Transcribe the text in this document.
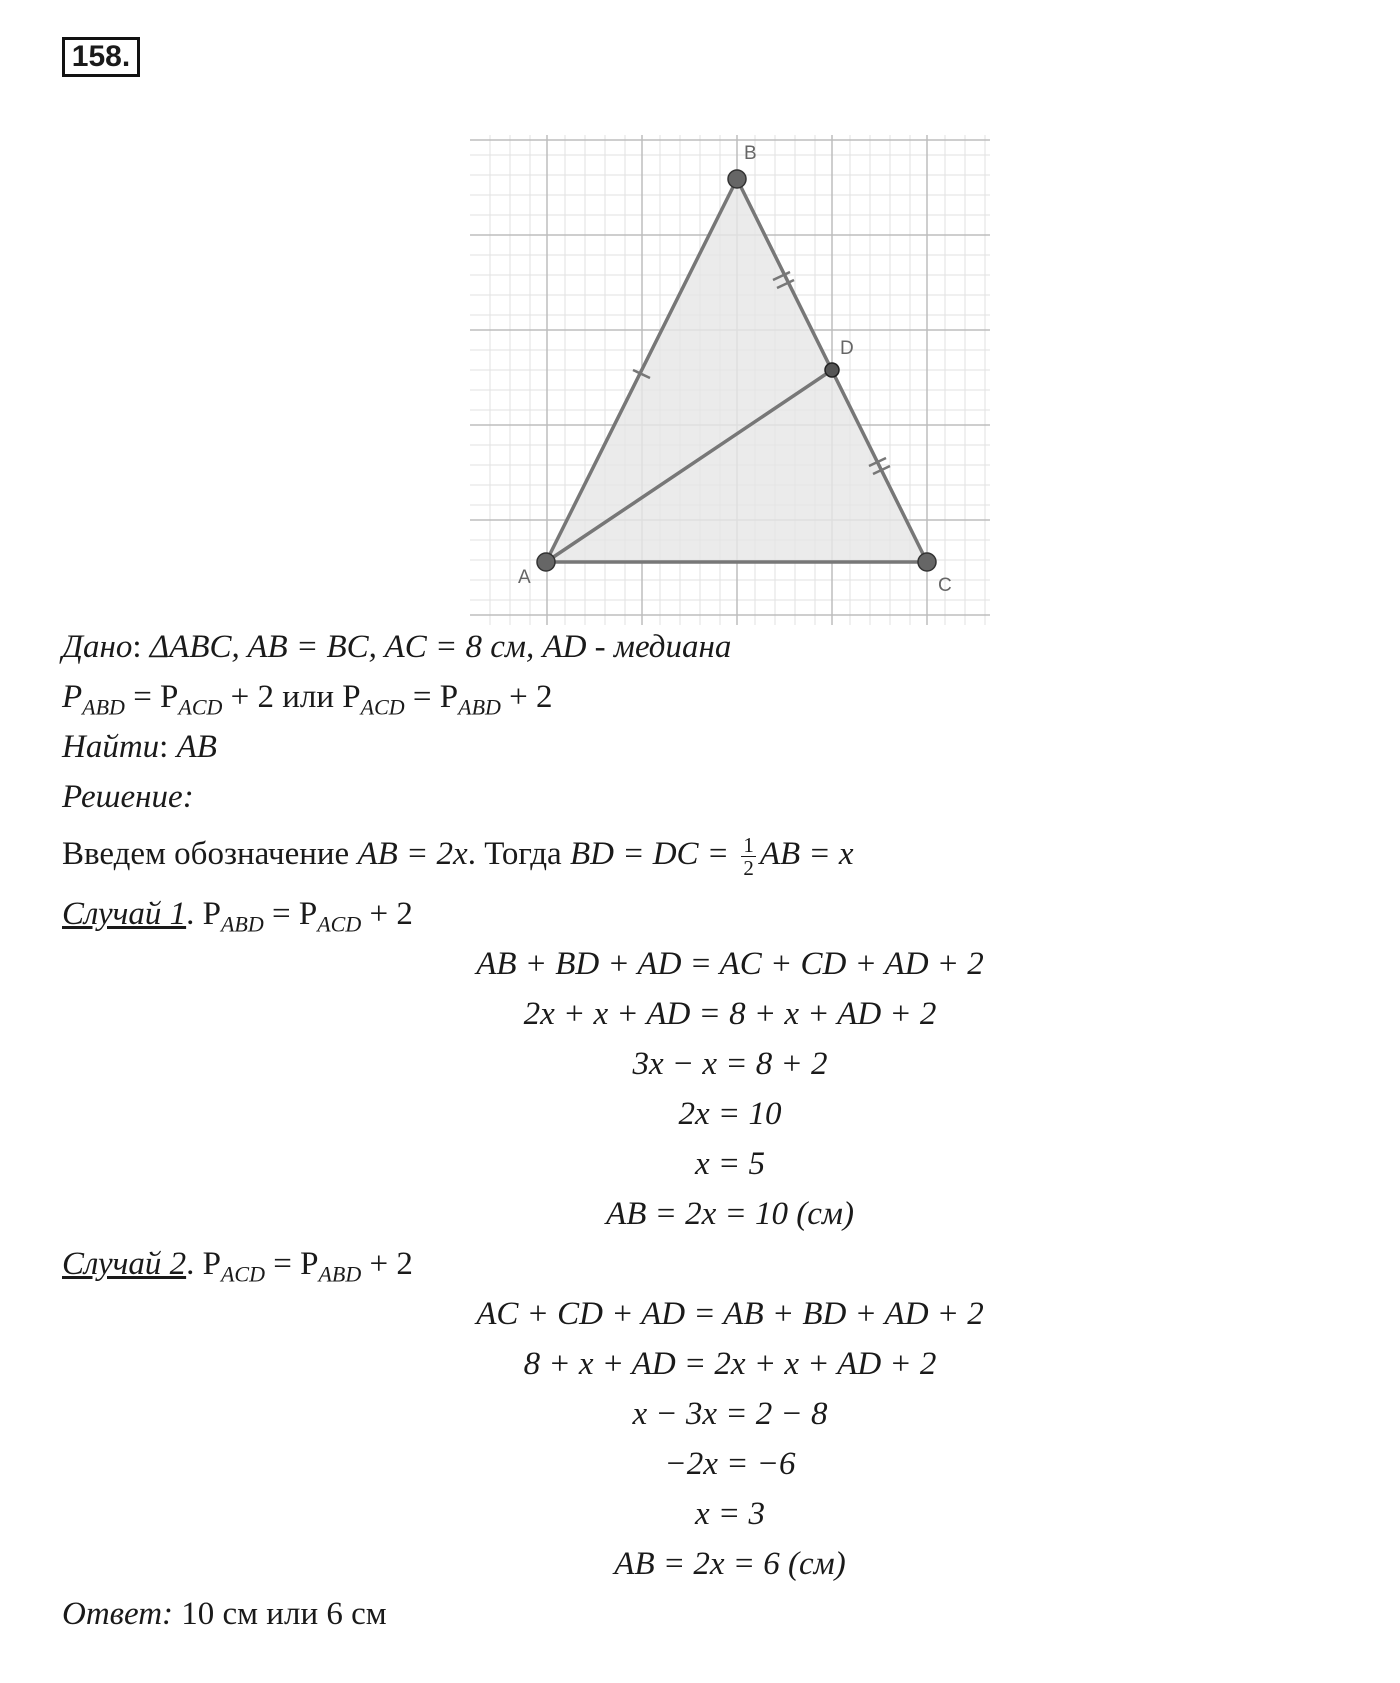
158.
A
B
C
D
Дано: ΔABC, AB = BC, AC = 8 см, AD - медиана
$P_{ABD} = P_{ACD} + 2$ или $P_{ACD} = P_{ABD} + 2$
Найти: AB
Решение:
Введем обозначение AB = 2x. Тогда BD = DC = $\frac{1}{2}$ AB = x
Случай 1. $P_{ABD} = P_{ACD} + 2$
AB + BD + AD = AC + CD + AD + 2
2x + x + AD = 8 + x + AD + 2
3x − x = 8 + 2
2x = 10
x = 5
AB = 2x = 10 (см)
Случай 2. $P_{ACD} = P_{ABD} + 2$
AC + CD + AD = AB + BD + AD + 2
8 + x + AD = 2x + x + AD + 2
x − 3x = 2 − 8
−2x = −6
x = 3
AB = 2x = 6 (см)
Ответ: 10 см или 6 см
